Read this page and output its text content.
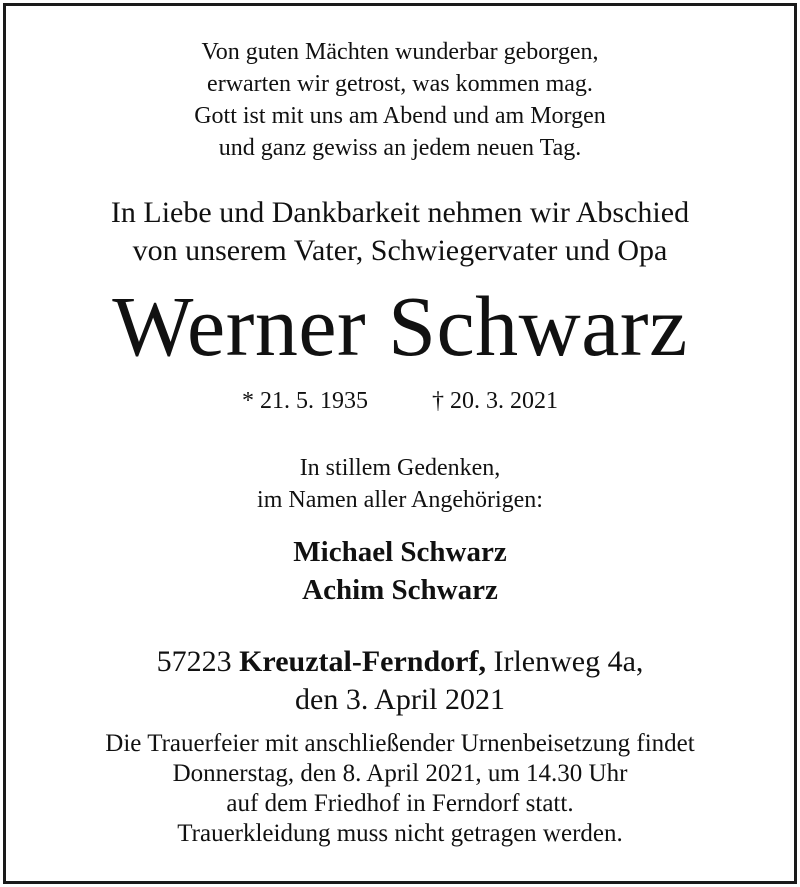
Von guten Mächten wunderbar geborgen,

erwarten wir getrost, was kommen mag.

Gott ist mit uns am Abend und am Morgen

und ganz gewiss an jedem neuen Tag.

In Liebe und Dankbarkeit nehmen wir Abschied

von unserem Vater, Schwiegervater und Opa

Werner Schwarz

* 21. 5. 1935	† 20. 3. 2021

In stillem Gedenken,

im Namen aller Angehörigen:

Michael Schwarz

Achim Schwarz

57223 Kreuztal-Ferndorf, Irlenweg 4a,

den 3. April 2021

Die Trauerfeier mit anschließender Urnenbeisetzung findet

Donnerstag, den 8. April 2021, um 14.30 Uhr

auf dem Friedhof in Ferndorf statt.

Trauerkleidung muss nicht getragen werden.
